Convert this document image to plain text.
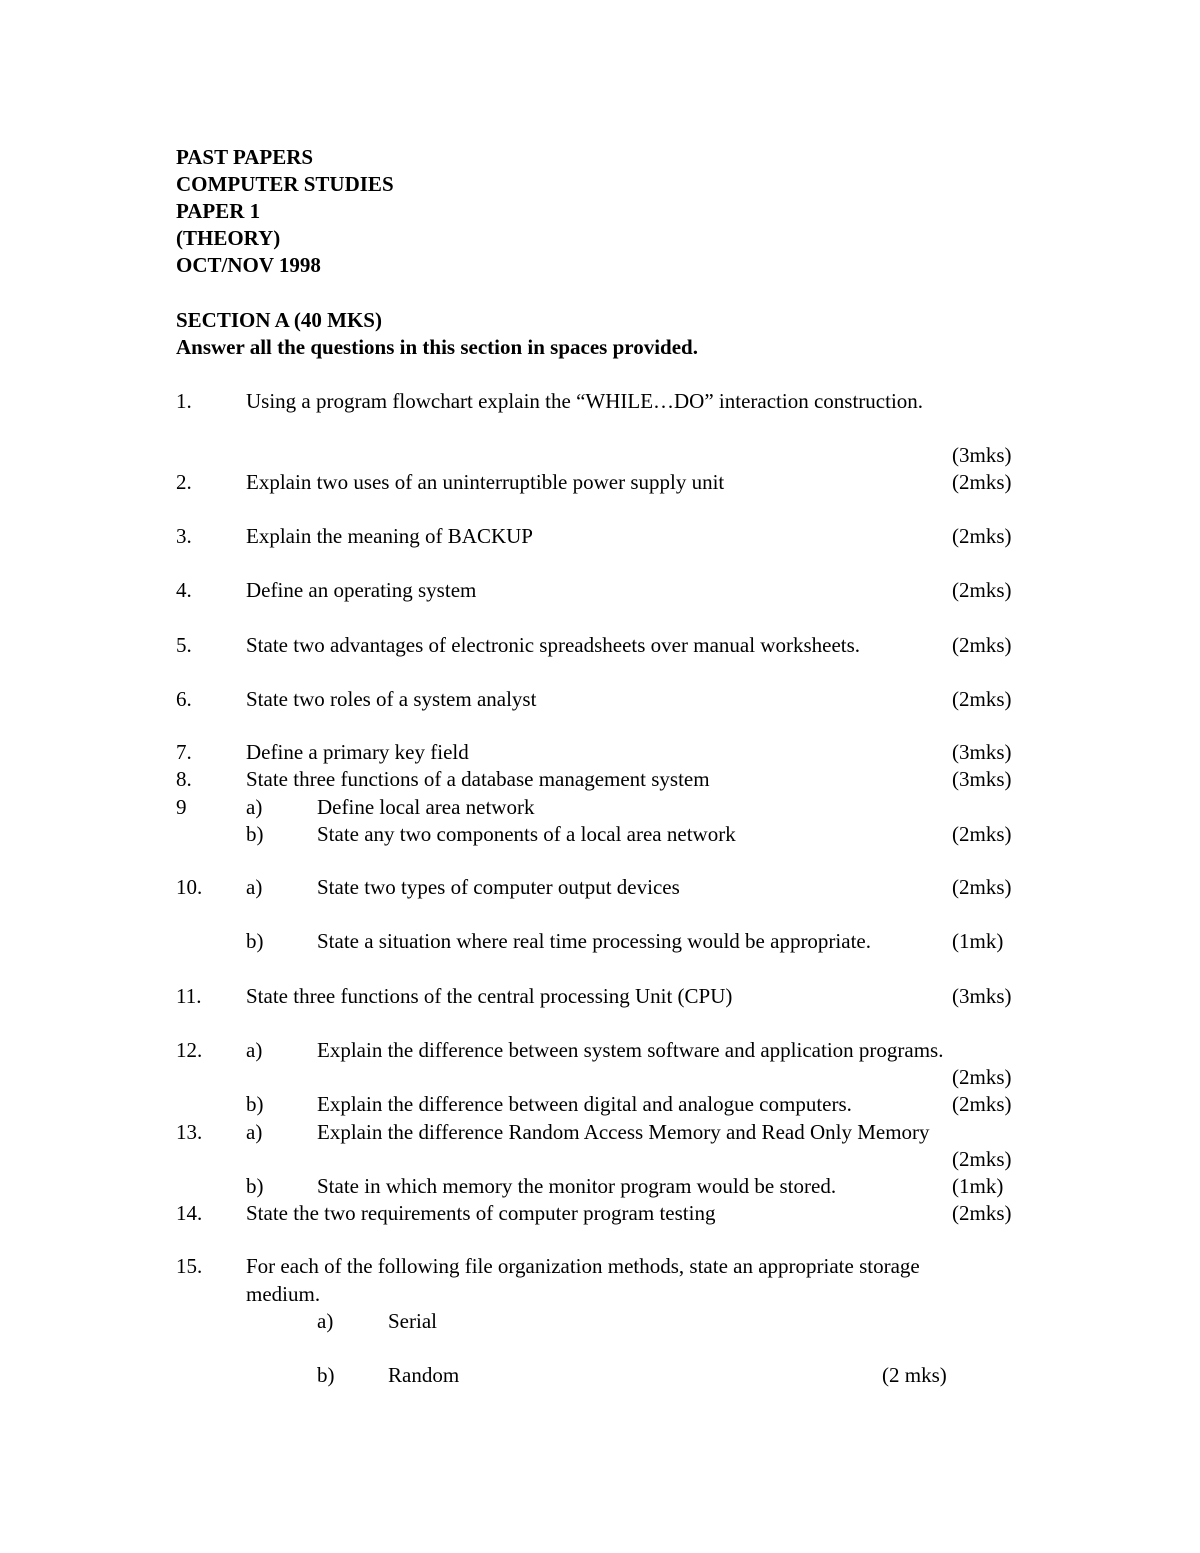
PAST PAPERS
COMPUTER STUDIES
PAPER 1
(THEORY)
OCT/NOV 1998
SECTION A (40 MKS)
Answer all the questions in this section in spaces provided.
1.	Using a program flowchart explain the “WHILE…DO” interaction construction.
(3mks)
2.	Explain two uses of an uninterruptible power supply unit	(2mks)
3.	Explain the meaning of BACKUP	(2mks)
4.	Define an operating system	(2mks)
5.	State two advantages of electronic spreadsheets over manual worksheets.	(2mks)
6.	State two roles of a system analyst	(2mks)
7.	Define a primary key field	(3mks)
8.	State three functions of a database management system	(3mks)
9	a)	Define local area network
b)	State any two components of a local area network	(2mks)
10. a)	State two types of computer output devices	(2mks)
b)	State a situation where real time processing would be appropriate.	(1mk)
11. State three functions of the central processing Unit (CPU)	(3mks)
12. a)	Explain the difference between system software and application programs.
(2mks)
b)	Explain the difference between digital and analogue computers.	(2mks)
13. a)	Explain the difference Random Access Memory and Read Only Memory
(2mks)
b)	State in which memory the monitor program would be stored.	(1mk)
14. State the two requirements of computer program testing	(2mks)
15. For each of the following file organization methods, state an appropriate storage
medium.
a)	Serial
b)	Random	(2 mks)
